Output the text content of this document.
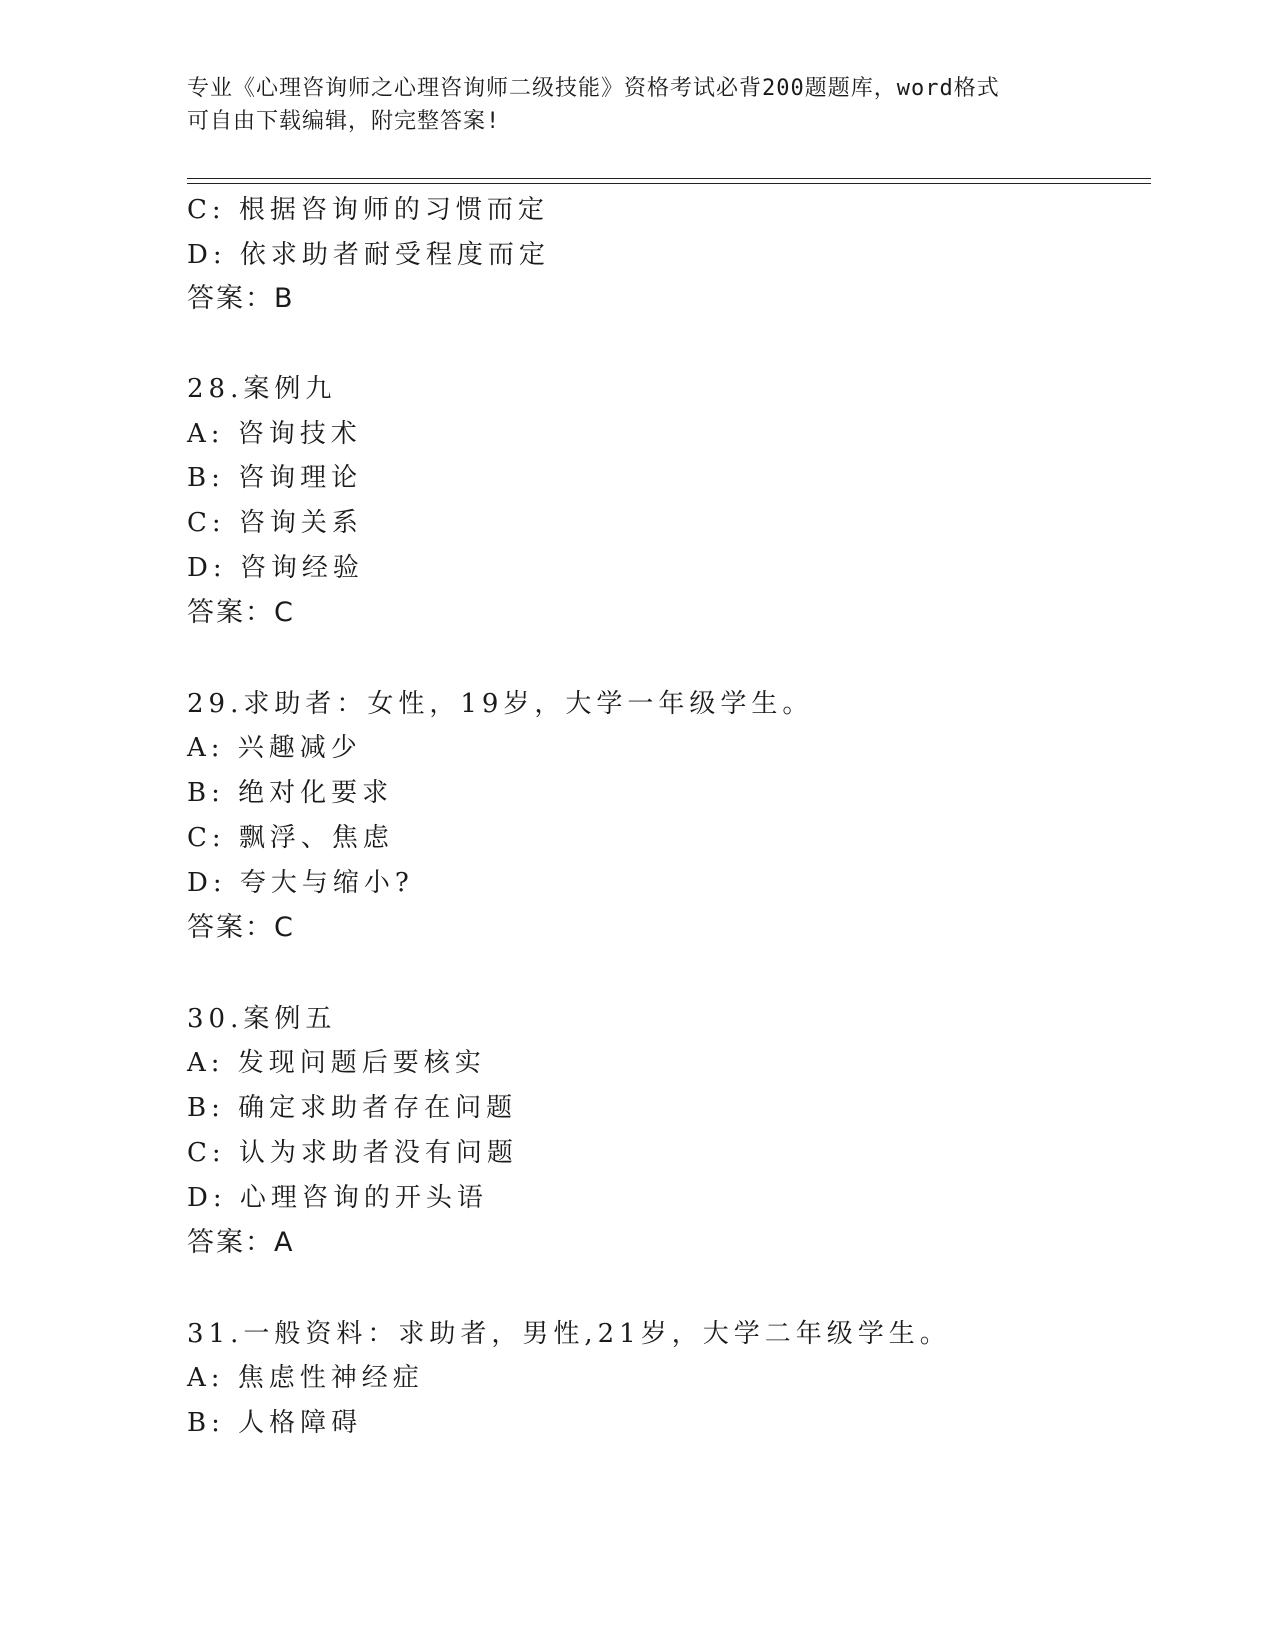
专业《心理咨询师之心理咨询师二级技能》资格考试必背200题题库，word格式
可自由下载编辑，附完整答案!
C: 根据咨询师的习惯而定
D: 依求助者耐受程度而定
答案：B
28.案例九
A: 咨询技术
B: 咨询理论
C: 咨询关系
D: 咨询经验
答案：C
29.求助者：女性，19岁，大学一年级学生。
A: 兴趣减少
B: 绝对化要求
C: 飘浮、焦虑
D: 夸大与缩小?
答案：C
30.案例五
A: 发现问题后要核实
B: 确定求助者存在问题
C: 认为求助者没有问题
D: 心理咨询的开头语
答案：A
31.一般资料：求助者，男性,21岁，大学二年级学生。
A: 焦虑性神经症
B: 人格障碍
